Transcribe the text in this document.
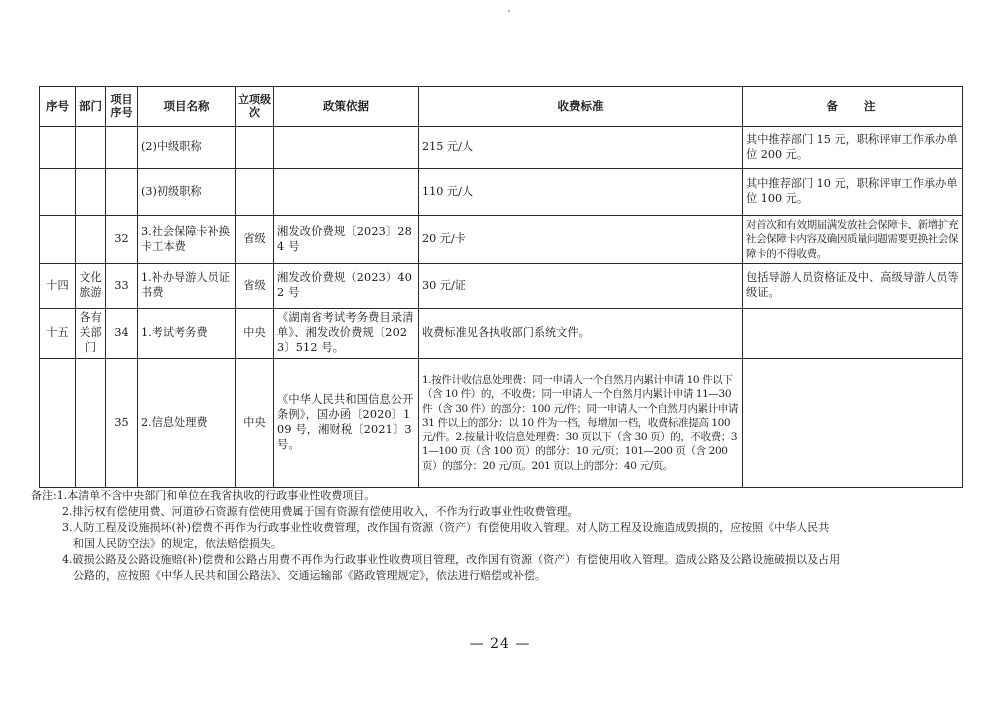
序号	部门	项目序号	项目名称	立项级次	政策依据	收费标准	备注
			(2)中级职称			215 元/人	其中推荐部门 15 元，职称评审工作承办单位 200 元。
			(3)初级职称			110 元/人	其中推荐部门 10 元，职称评审工作承办单位 100 元。
		32	3.社会保障卡补换卡工本费	省级	湘发改价费规〔2023〕284 号	20 元/卡	对首次和有效期届满发放社会保障卡、新增扩充社会保障卡内容及确因质量问题需要更换社会保障卡的不得收费。
十四	文化旅游	33	1.补办导游人员证书费	省级	湘发改价费规（2023）402 号	30 元/证	包括导游人员资格证及中、高级导游人员等级证。
十五	各有关部门	34	1.考试考务费	中央	《湖南省考试考务费目录清单》、湘发改价费规〔2023〕512 号。	收费标准见各执收部门系统文件。	
		35	2.信息处理费	中央	《中华人民共和国信息公开条例》，国办函〔2020〕109 号，湘财税〔2021〕3 号。	1.按件计收信息处理费：同一申请人一个自然月内累计申请 10 件以下（含 10 件）的，不收费；同一申请人一个自然月内累计申请 11—30 件（含 30 件）的部分：100 元/件；同一申请人一个自然月内累计申请 31 件以上的部分：以 10 件为一档，每增加一档，收费标准提高 100 元/件。2.按量计收信息处理费：30 页以下（含 30 页）的，不收费；31—100 页（含 100 页）的部分：10 元/页；101—200 页（含 200 页）的部分：20 元/页。201 页以上的部分：40 元/页。	
备注:1.本清单不含中央部门和单位在我省执收的行政事业性收费项目。
2.排污权有偿使用费、河道砂石资源有偿使用费属于国有资源有偿使用收入，不作为行政事业性收费管理。
3.人防工程及设施损坏(补)偿费不再作为行政事业性收费管理，改作国有资源（资产）有偿使用收入管理。对人防工程及设施造成毁损的，应按照《中华人民共
和国人民防空法》的规定，依法赔偿损失。
4.破损公路及公路设施赔(补)偿费和公路占用费不再作为行政事业性收费项目管理，改作国有资源（资产）有偿使用收入管理。造成公路及公路设施破损以及占用
公路的，应按照《中华人民共和国公路法》、交通运输部《路政管理规定》，依法进行赔偿或补偿。
— 24 —
